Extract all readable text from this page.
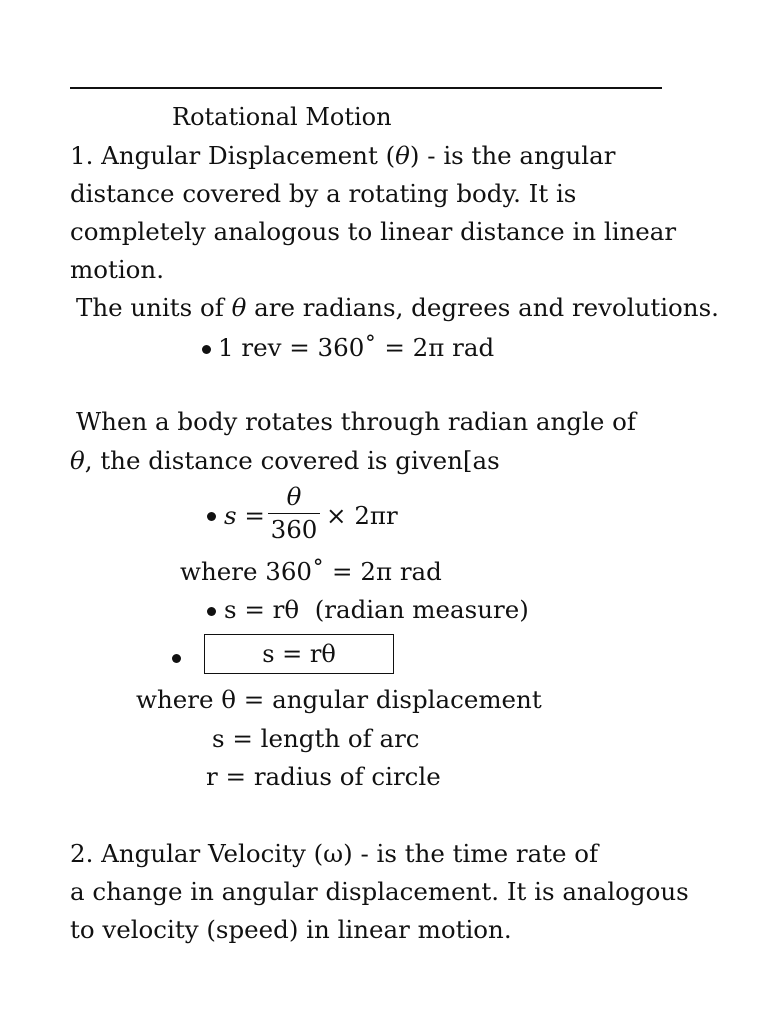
Rotational Motion
1. Angular Displacement (θ) - is the angular
distance covered by a rotating body. It is
completely analogous to linear distance in linear
motion.
The units of θ are radians, degrees and revolutions.
1 rev = 360˚ = 2π rad
When a body rotates through radian angle of
θ, the distance covered is given[as
s =
θ
360 × 2πr
where 360˚ = 2π rad
s = rθ (radian measure)
s = rθ
where θ = angular displacement
s = length of arc
r = radius of circle
2. Angular Velocity (ω) - is the time rate of
a change in angular displacement. It is analogous
to velocity (speed) in linear motion.
